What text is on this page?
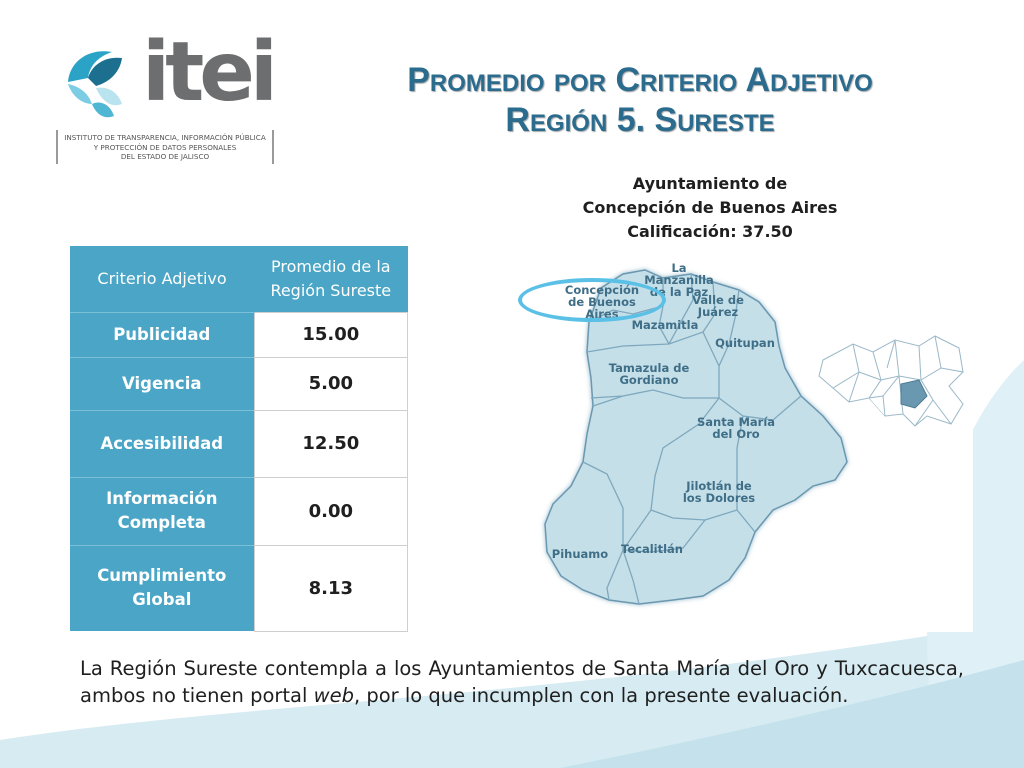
itei
INSTITUTO DE TRANSPARENCIA, INFORMACIÓN PÚBLICA
Y PROTECCIÓN DE DATOS PERSONALES
DEL ESTADO DE JALISCO
Promedio por Criterio Adjetivo
Región 5. Sureste
Ayuntamiento de
Concepción de Buenos Aires
Calificación: 37.50
Criterio Adjetivo	Promedio de la Región Sureste
Publicidad	15.00
Vigencia	5.00
Accesibilidad	12.50
Información Completa	0.00
Cumplimiento Global	8.13
La
Manzanilla
de la Paz
Concepción
de Buenos
Aires
Valle de
Juárez
Mazamitla
Quitupan
Tamazula de
Gordiano
Santa María
del Oro
Jilotlán de
los Dolores
Tecalitlán
Pihuamo
La Región Sureste contempla a los Ayuntamientos de Santa María del Oro y Tuxcacuesca, ambos no tienen portal web, por lo que incumplen con la presente evaluación.
